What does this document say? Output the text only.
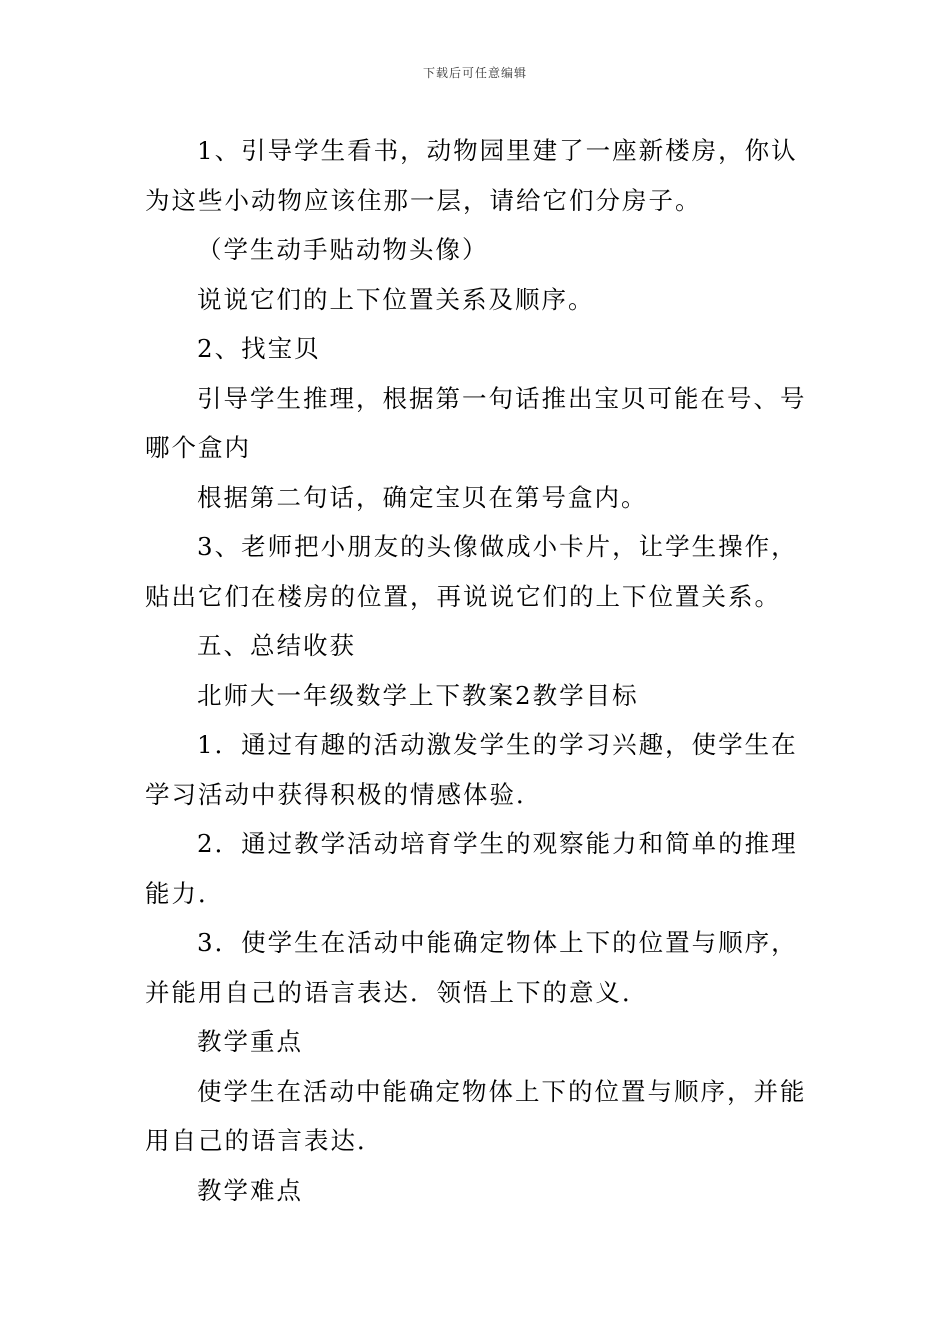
下载后可任意编辑

1、引导学生看书，动物园里建了一座新楼房，你认为这些小动物应该住那一层，请给它们分房子。

（学生动手贴动物头像）

说说它们的上下位置关系及顺序。

2、找宝贝

引导学生推理，根据第一句话推出宝贝可能在号、号哪个盒内

根据第二句话，确定宝贝在第号盒内。

3、老师把小朋友的头像做成小卡片，让学生操作，贴出它们在楼房的位置，再说说它们的上下位置关系。

五、总结收获

北师大一年级数学上下教案2教学目标

1．通过有趣的活动激发学生的学习兴趣，使学生在学习活动中获得积极的情感体验．

2．通过教学活动培育学生的观察能力和简单的推理能力．

3．使学生在活动中能确定物体上下的位置与顺序，并能用自己的语言表达．领悟上下的意义．

教学重点

使学生在活动中能确定物体上下的位置与顺序，并能用自己的语言表达．

教学难点
